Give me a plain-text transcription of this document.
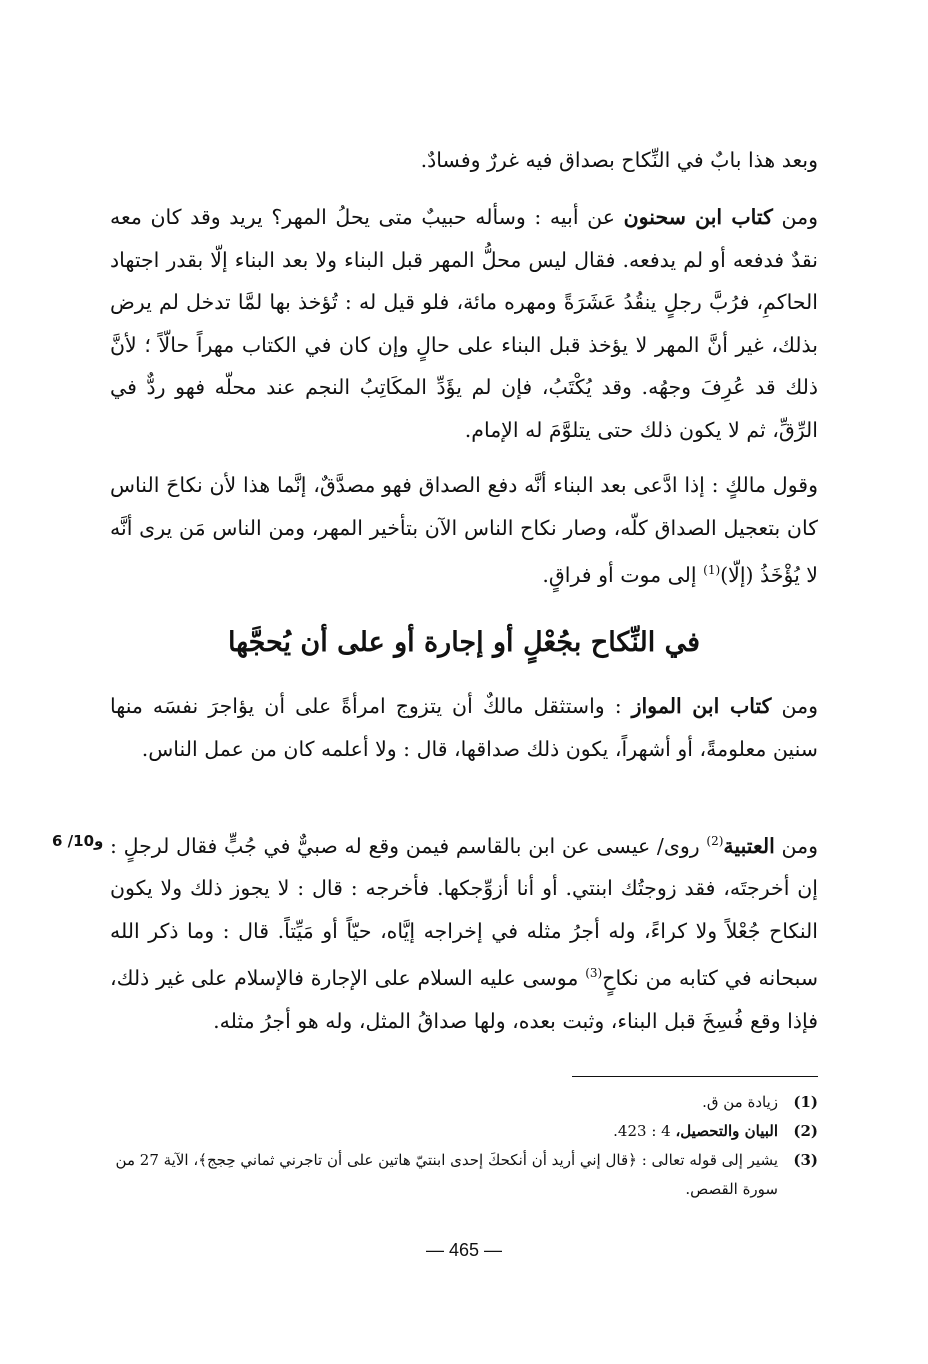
وبعد هذا بابٌ في النِّكاح بصداق فيه غررٌ وفسادٌ.
ومن كتاب ابن سحنون عن أبيه : وسأله حبيبٌ متى يحلُ المهر؟ يريد وقد كان معه نقدٌ فدفعه أو لم يدفعه. فقال ليس محلُّ المهر قبل البناء ولا بعد البناء إلّا بقدر اجتهاد الحاكمِ، فرُبَّ رجلٍ ينقُدُ عَشَرَةً ومهره مائة، فلو قيل له : تُؤخذ بها لمَّا تدخل لم يرض بذلك، غير أنَّ المهر لا يؤخذ قبل البناء على حالٍ وإن كان في الكتاب مهراً حالّاً ؛ لأنَّ ذلك قد عُرِفَ وجهُه. وقد يُكْتَبُ، فإن لم يؤَدِّ المكَاتِبُ النجم عند محلّه فهو ردٌّ في الرِّقِّ، ثم لا يكون ذلك حتى يتلوَّمَ له الإمام.
وقول مالكٍ : إذا ادَّعى بعد البناء أنَّه دفع الصداق فهو مصدَّقٌ، إنَّما هذا لأن نكاحَ الناس كان بتعجيل الصداق كلّه، وصار نكاح الناس الآن بتأخير المهر، ومن الناس مَن يرى أنَّه لا يُؤْخَذُ (إلّا)$^{(1)}$ إلى موت أو فراقٍ.
في النِّكاح بجُعْلٍ أو إجارة أو على أن يُحجَّها
ومن كتاب ابن المواز : واستثقل مالكٌ أن يتزوج امرأةً على أن يؤاجرَ نفسَه منها سنين معلومةً، أو أشهراً، يكون ذلك صداقها، قال : ولا أعلمه كان من عمل الناس.
6 /10و	ومن العتبية$^{(2)}$ روى/ عيسى عن ابن بالقاسم فيمن وقع له صبيٌّ في جُبٍّ فقال لرجلٍ : إن أخرجتَه، فقد زوجتُك ابنتي. أو أنا أزوِّجكها. فأخرجه : قال : لا يجوز ذلك ولا يكون النكاح جُعْلاً ولا كراءً، وله أجرُ مثله في إخراجه إيَّاه، حيّاً أو مَيِّتاً. قال : وما ذكر الله سبحانه في كتابه من نكاحٍ$^{(3)}$ موسى عليه السلام على الإجارة فالإسلام على غير ذلك، فإذا وقع فُسِخَ قبل البناء، وثبت بعده، ولها صداقُ المثل، وله هو أجرُ مثله.
(1)
زيادة من ق.
(2)
البيان والتحصيل، 4 : 423.
(3)
يشير إلى قوله تعالى : ﴿قال إني أريد أن أنكحكَ إحدى ابنتيّ هاتين على أن تاجرني ثماني حِجج﴾، الآية 27 من سورة القصص.
— 465 —
